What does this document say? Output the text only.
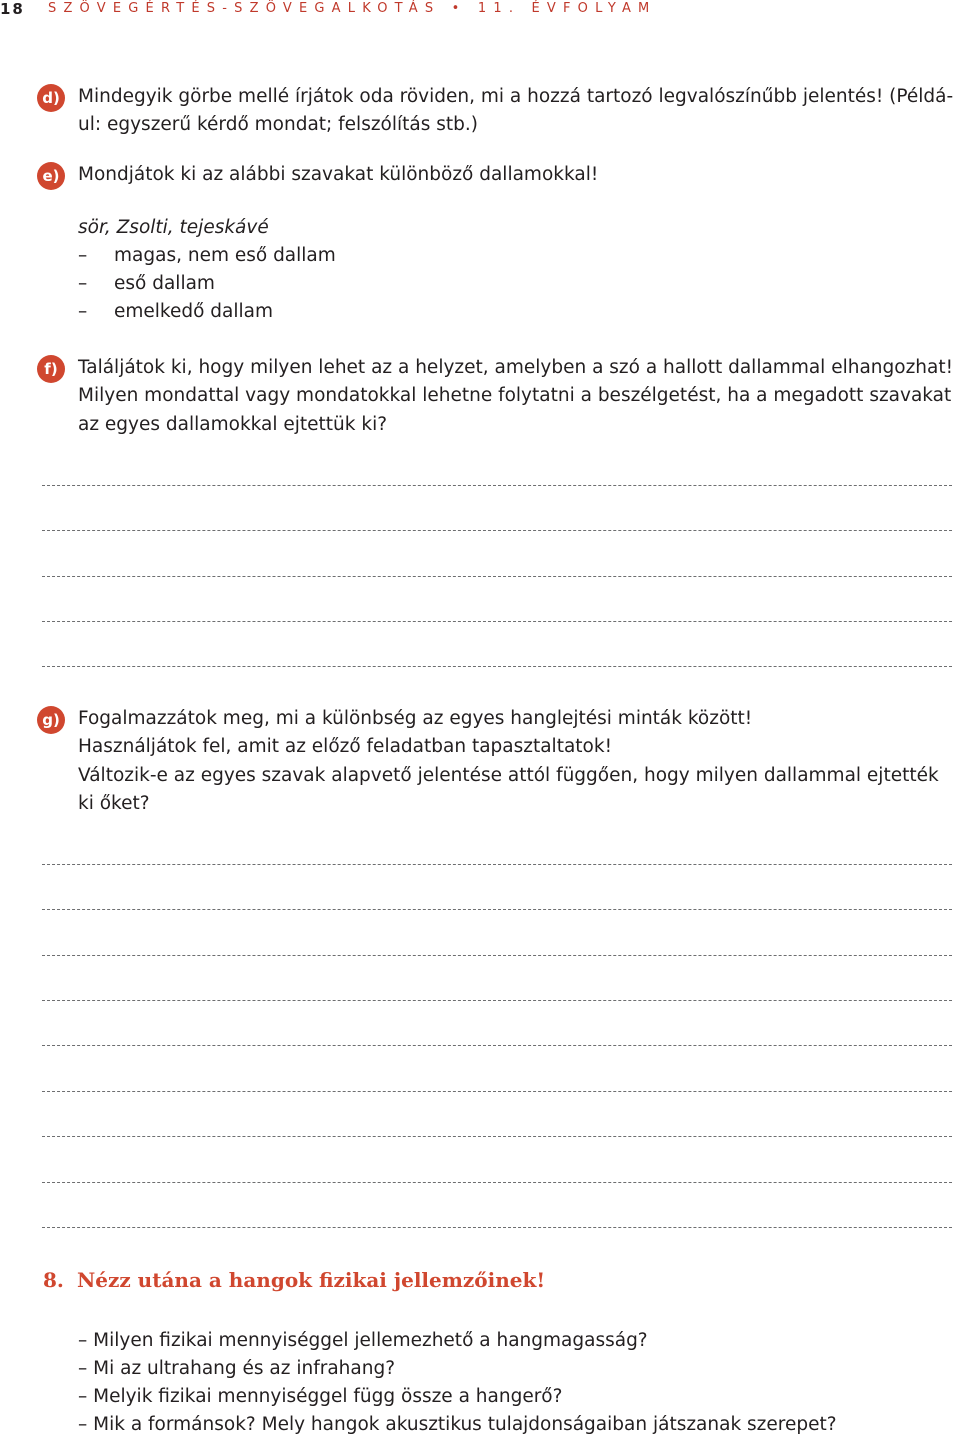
18 SZÖVEGÉRTÉS-SZÖVEGALKOTÁS • 11. ÉVFOLYAM
d) Mindegyik görbe mellé írjátok oda röviden, mi a hozzá tartozó legvalószínűbb jelentés! (Példá-
ul: egyszerű kérdő mondat; felszólítás stb.)

e) Mondjátok ki az alábbi szavakat különböző dallamokkal!

sör, Zsolti, tejeskávé

–	magas, nem eső dallam
–	eső dallam
–	emelkedő dallam
f)	Találjátok ki, hogy milyen lehet az a helyzet, amelyben a szó a hallott dallammal elhangozhat!
Milyen mondattal vagy mondatokkal lehetne folytatni a beszélgetést, ha a megadott szavakat
az egyes dallamokkal ejtettük ki?

g) Fogalmazzátok meg, mi a különbség az egyes hanglejtési minták között!
Használjátok fel, amit az előző feladatban tapasztaltatok!
Változik-e az egyes szavak alapvető jelentése attól függően, hogy milyen dallammal ejtették
ki őket?

8. Nézz utána a hangok fizikai jellemzőinek!
– Milyen fizikai mennyiséggel jellemezhető a hangmagasság?
– Mi az ultrahang és az infrahang?
– Melyik fizikai mennyiséggel függ össze a hangerő?
– Mik a formánsok? Mely hangok akusztikus tulajdonságaiban játszanak szerepet?
